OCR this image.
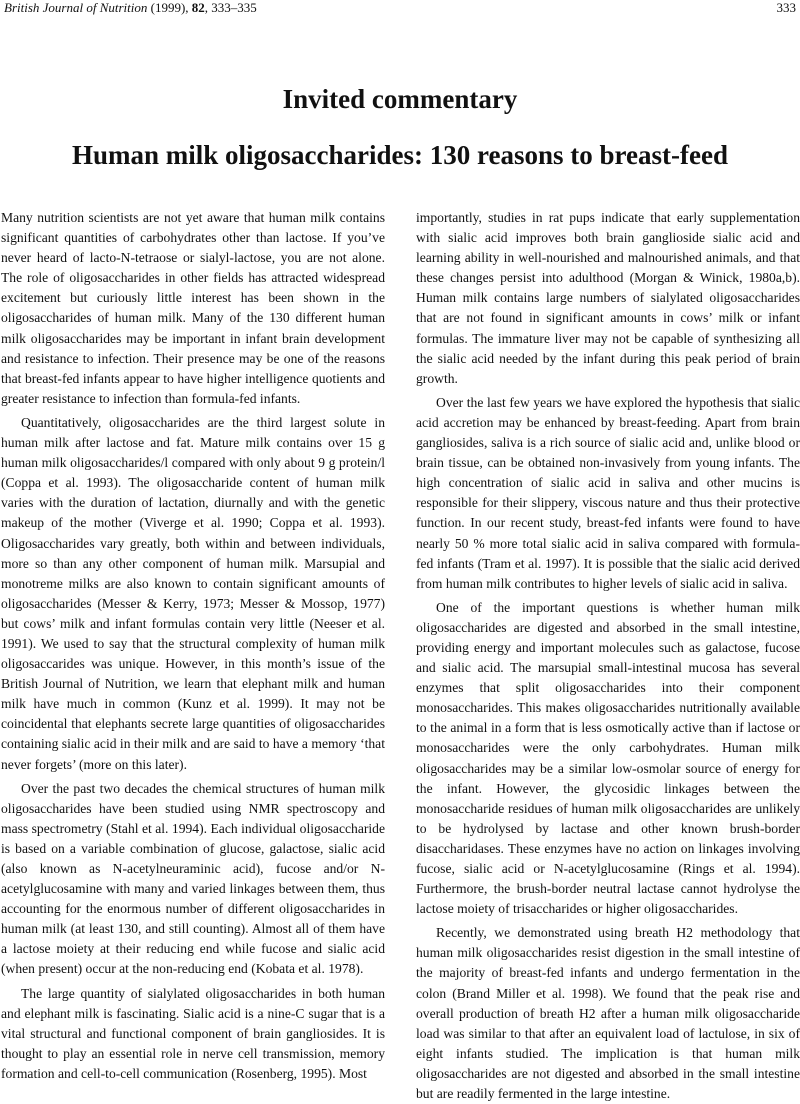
British Journal of Nutrition (1999), 82, 333–335	333
Invited commentary
Human milk oligosaccharides: 130 reasons to breast-feed

Many nutrition scientists are not yet aware that human milk contains significant quantities of carbohydrates other than lactose. If you’ve never heard of lacto-N-tetraose or sialyl-lactose, you are not alone. The role of oligosaccharides in other fields has attracted widespread excitement but curiously little interest has been shown in the oligosaccharides of human milk. Many of the 130 different human milk oligosaccharides may be important in infant brain development and resistance to infection. Their presence may be one of the reasons that breast-fed infants appear to have higher intelligence quotients and greater resistance to infection than formula-fed infants.

Quantitatively, oligosaccharides are the third largest solute in human milk after lactose and fat. Mature milk contains over 15 g human milk oligosaccharides/l compared with only about 9 g protein/l (Coppa et al. 1993). The oligosaccharide content of human milk varies with the duration of lactation, diurnally and with the genetic makeup of the mother (Viverge et al. 1990; Coppa et al. 1993). Oligosaccharides vary greatly, both within and between individuals, more so than any other component of human milk. Marsupial and monotreme milks are also known to contain significant amounts of oligosaccharides (Messer & Kerry, 1973; Messer & Mossop, 1977) but cows’ milk and infant formulas contain very little (Neeser et al. 1991). We used to say that the structural complexity of human milk oligosaccarides was unique. However, in this month’s issue of the British Journal of Nutrition, we learn that elephant milk and human milk have much in common (Kunz et al. 1999). It may not be coincidental that elephants secrete large quantities of oligosaccharides containing sialic acid in their milk and are said to have a memory ‘that never forgets’ (more on this later).

Over the past two decades the chemical structures of human milk oligosaccharides have been studied using NMR spectroscopy and mass spectrometry (Stahl et al. 1994). Each individual oligosaccharide is based on a variable combination of glucose, galactose, sialic acid (also known as N-acetylneuraminic acid), fucose and/or N-acetylglucosamine with many and varied linkages between them, thus accounting for the enormous number of different oligosaccharides in human milk (at least 130, and still counting). Almost all of them have a lactose moiety at their reducing end while fucose and sialic acid (when present) occur at the non-reducing end (Kobata et al. 1978).

The large quantity of sialylated oligosaccharides in both human and elephant milk is fascinating. Sialic acid is a nine-C sugar that is a vital structural and functional component of brain gangliosides. It is thought to play an essential role in nerve cell transmission, memory formation and cell-to-cell communication (Rosenberg, 1995). Most

importantly, studies in rat pups indicate that early supplementation with sialic acid improves both brain ganglioside sialic acid and learning ability in well-nourished and malnourished animals, and that these changes persist into adulthood (Morgan & Winick, 1980a,b). Human milk contains large numbers of sialylated oligosaccharides that are not found in significant amounts in cows’ milk or infant formulas. The immature liver may not be capable of synthesizing all the sialic acid needed by the infant during this peak period of brain growth.

Over the last few years we have explored the hypothesis that sialic acid accretion may be enhanced by breast-feeding. Apart from brain gangliosides, saliva is a rich source of sialic acid and, unlike blood or brain tissue, can be obtained non-invasively from young infants. The high concentration of sialic acid in saliva and other mucins is responsible for their slippery, viscous nature and thus their protective function. In our recent study, breast-fed infants were found to have nearly 50 % more total sialic acid in saliva compared with formula-fed infants (Tram et al. 1997). It is possible that the sialic acid derived from human milk contributes to higher levels of sialic acid in saliva.

One of the important questions is whether human milk oligosaccharides are digested and absorbed in the small intestine, providing energy and important molecules such as galactose, fucose and sialic acid. The marsupial small-intestinal mucosa has several enzymes that split oligosaccharides into their component monosaccharides. This makes oligosaccharides nutritionally available to the animal in a form that is less osmotically active than if lactose or monosaccharides were the only carbohydrates. Human milk oligosaccharides may be a similar low-osmolar source of energy for the infant. However, the glycosidic linkages between the monosaccharide residues of human milk oligosaccharides are unlikely to be hydrolysed by lactase and other known brush-border disaccharidases. These enzymes have no action on linkages involving fucose, sialic acid or N-acetylglucosamine (Rings et al. 1994). Furthermore, the brush-border neutral lactase cannot hydrolyse the lactose moiety of trisaccharides or higher oligosaccharides.

Recently, we demonstrated using breath H2 methodology that human milk oligosaccharides resist digestion in the small intestine of the majority of breast-fed infants and undergo fermentation in the colon (Brand Miller et al. 1998). We found that the peak rise and overall production of breath H2 after a human milk oligosaccharide load was similar to that after an equivalent load of lactulose, in six of eight infants studied. The implication is that human milk oligosaccharides are not digested and absorbed in the small intestine but are readily fermented in the large intestine.
